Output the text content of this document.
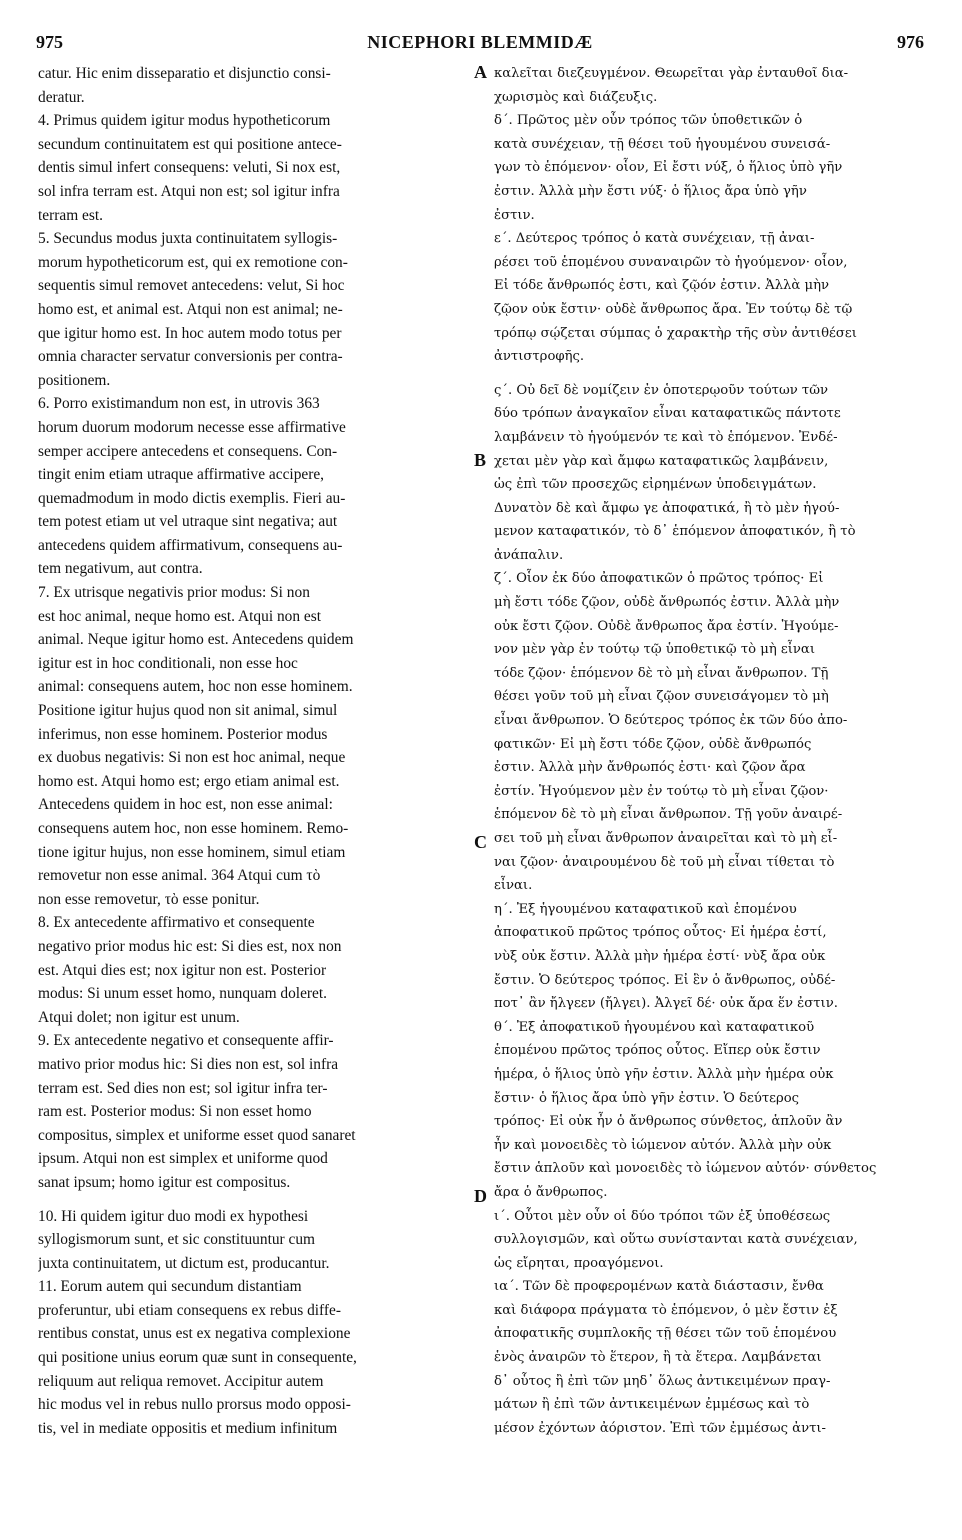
975	NICEPHORI BLEMMIDÆ	976
catur. Hic enim disseparatio et disjunctio consi-
deratur.
4. Primus quidem igitur modus hypotheticorum
secundum continuitatem est qui positione antece-
dentis simul infert consequens: veluti, Si nox est,
sol infra terram est. Atqui non est; sol igitur infra
terram est.
5. Secundus modus juxta continuitatem syllogis-
morum hypotheticorum est, qui ex remotione con-
sequentis simul removet antecedens: velut, Si hoc
homo est, et animal est. Atqui non est animal; ne-
que igitur homo est. In hoc autem modo totus per
omnia character servatur conversionis per contra-
positionem.
6. Porro existimandum non est, in utrovis 363
horum duorum modorum necesse esse affirmative
semper accipere antecedens et consequens. Con-
tingit enim etiam utraque affirmative accipere,
quemadmodum in modo dictis exemplis. Fieri au-
tem potest etiam ut vel utraque sint negativa; aut
antecedens quidem affirmativum, consequens au-
tem negativum, aut contra.
7. Ex utrisque negativis prior modus: Si non
est hoc animal, neque homo est. Atqui non est
animal. Neque igitur homo est. Antecedens quidem
igitur est in hoc conditionali, non esse hoc
animal: consequens autem, hoc non esse hominem.
Positione igitur hujus quod non sit animal, simul
inferimus, non esse hominem. Posterior modus
ex duobus negativis: Si non est hoc animal, neque
homo est. Atqui homo est; ergo etiam animal est.
Antecedens quidem in hoc est, non esse animal:
consequens autem hoc, non esse hominem. Remo-
tione igitur hujus, non esse hominem, simul etiam
removetur non esse animal. 364 Atqui cum τὸ
non esse removetur, τὸ esse ponitur.
8. Ex antecedente affirmativo et consequente
negativo prior modus hic est: Si dies est, nox non
est. Atqui dies est; nox igitur non est. Posterior
modus: Si unum esset homo, nunquam doleret.
Atqui dolet; non igitur est unum.
9. Ex antecedente negativo et consequente affir-
mativo prior modus hic: Si dies non est, sol infra
terram est. Sed dies non est; sol igitur infra ter-
ram est. Posterior modus: Si non esset homo
compositus, simplex et uniforme esset quod sanaret
ipsum. Atqui non est simplex et uniforme quod
sanat ipsum; homo igitur est compositus.
10. Hi quidem igitur duo modi ex hypothesi
syllogismorum sunt, et sic constituuntur cum
juxta continuitatem, ut dictum est, producantur.
11. Eorum autem qui secundum distantiam
proferuntur, ubi etiam consequens ex rebus diffe-
rentibus constat, unus est ex negativa complexione
qui positione unius eorum quæ sunt in consequente,
reliquum aut reliqua removet. Accipitur autem
hic modus vel in rebus nullo prorsus modo opposi-
tis, vel in mediate oppositis et medium infinitum
καλεῖται διεζευγμένον. Θεωρεῖται γὰρ ἐνταυθοῖ δια-
χωρισμὸς καὶ διάζευξις.
δ΄. Πρῶτος μὲν οὖν τρόπος τῶν ὑποθετικῶν ὁ
κατὰ συνέχειαν, τῇ θέσει τοῦ ἡγουμένου συνεισά-
γων τὸ ἑπόμενον· οἷον, Εἰ ἔστι νύξ, ὁ ἥλιος ὑπὸ γῆν
ἐστιν. Ἀλλὰ μὴν ἔστι νύξ· ὁ ἥλιος ἄρα ὑπὸ γῆν
ἐστιν.
ε΄. Δεύτερος τρόπος ὁ κατὰ συνέχειαν, τῇ ἀναι-
ρέσει τοῦ ἑπομένου συναναιρῶν τὸ ἡγούμενον· οἷον,
Εἰ τόδε ἄνθρωπός ἐστι, καὶ ζῷόν ἐστιν. Ἀλλὰ μὴν
ζῷον οὐκ ἔστιν· οὐδὲ ἄνθρωπος ἄρα. Ἐν τούτῳ δὲ τῷ
τρόπῳ σῴζεται σύμπας ὁ χαρακτὴρ τῆς σὺν ἀντιθέσει
ἀντιστροφῆς.
ς΄. Οὐ δεῖ δὲ νομίζειν ἐν ὁποτερῳοῦν τούτων τῶν
δύο τρόπων ἀναγκαῖον εἶναι καταφατικῶς πάντοτε
λαμβάνειν τὸ ἡγούμενόν τε καὶ τὸ ἑπόμενον. Ἐνδέ-
χεται μὲν γὰρ καὶ ἄμφω καταφατικῶς λαμβάνειν,
ὡς ἐπὶ τῶν προσεχῶς εἰρημένων ὑποδειγμάτων.
Δυνατὸν δὲ καὶ ἄμφω γε ἀποφατικά, ἢ τὸ μὲν ἡγού-
μενον καταφατικόν, τὸ δ᾽ ἑπόμενον ἀποφατικόν, ἢ τὸ
ἀνάπαλιν.
ζ΄. Οἷον ἐκ δύο ἀποφατικῶν ὁ πρῶτος τρόπος· Εἰ
μὴ ἔστι τόδε ζῷον, οὐδὲ ἄνθρωπός ἐστιν. Ἀλλὰ μὴν
οὐκ ἔστι ζῷον. Οὐδὲ ἄνθρωπος ἄρα ἐστίν. Ἡγούμε-
νον μὲν γὰρ ἐν τούτῳ τῷ ὑποθετικῷ τὸ μὴ εἶναι
τόδε ζῷον· ἑπόμενον δὲ τὸ μὴ εἶναι ἄνθρωπον. Τῇ
θέσει γοῦν τοῦ μὴ εἶναι ζῷον συνεισάγομεν τὸ μὴ
εἶναι ἄνθρωπον. Ὁ δεύτερος τρόπος ἐκ τῶν δύο ἀπο-
φατικῶν· Εἰ μὴ ἔστι τόδε ζῷον, οὐδὲ ἄνθρωπός
ἐστιν. Ἀλλὰ μὴν ἄνθρωπός ἐστι· καὶ ζῷον ἄρα
ἐστίν. Ἡγούμενον μὲν ἐν τούτῳ τὸ μὴ εἶναι ζῷον·
ἑπόμενον δὲ τὸ μὴ εἶναι ἄνθρωπον. Τῇ γοῦν ἀναιρέ-
σει τοῦ μὴ εἶναι ἄνθρωπον ἀναιρεῖται καὶ τὸ μὴ εἶ-
ναι ζῷον· ἀναιρουμένου δὲ τοῦ μὴ εἶναι τίθεται τὸ
εἶναι.
η΄. Ἐξ ἡγουμένου καταφατικοῦ καὶ ἑπομένου
ἀποφατικοῦ πρῶτος τρόπος οὗτος· Εἰ ἡμέρα ἐστί,
νὺξ οὐκ ἔστιν. Ἀλλὰ μὴν ἡμέρα ἐστί· νὺξ ἄρα οὐκ
ἔστιν. Ὁ δεύτερος τρόπος. Εἰ ἓν ὁ ἄνθρωπος, οὐδέ-
ποτ᾽ ἂν ἤλγεεν (ἤλγει). Ἀλγεῖ δέ· οὐκ ἄρα ἕν ἐστιν.
θ΄. Ἐξ ἀποφατικοῦ ἡγουμένου καὶ καταφατικοῦ
ἑπομένου πρῶτος τρόπος οὗτος. Εἴπερ οὐκ ἔστιν
ἡμέρα, ὁ ἥλιος ὑπὸ γῆν ἐστιν. Ἀλλὰ μὴν ἡμέρα οὐκ
ἔστιν· ὁ ἥλιος ἄρα ὑπὸ γῆν ἐστιν. Ὁ δεύτερος
τρόπος· Εἰ οὐκ ἦν ὁ ἄνθρωπος σύνθετος, ἁπλοῦν ἂν
ἦν καὶ μονοειδὲς τὸ ἰώμενον αὐτόν. Ἀλλὰ μὴν οὐκ
ἔστιν ἁπλοῦν καὶ μονοειδὲς τὸ ἰώμενον αὐτόν· σύνθετος
ἄρα ὁ ἄνθρωπος.
ι΄. Οὗτοι μὲν οὖν οἱ δύο τρόποι τῶν ἐξ ὑποθέσεως
συλλογισμῶν, καὶ οὕτω συνίστανται κατὰ συνέχειαν,
ὡς εἴρηται, προαγόμενοι.
ια΄. Τῶν δὲ προφερομένων κατὰ διάστασιν, ἔνθα
καὶ διάφορα πράγματα τὸ ἑπόμενον, ὁ μὲν ἔστιν ἐξ
ἀποφατικῆς συμπλοκῆς τῇ θέσει τῶν τοῦ ἑπομένου
ἑνὸς ἀναιρῶν τὸ ἕτερον, ἢ τὰ ἕτερα. Λαμβάνεται
δ᾽ οὗτος ἢ ἐπὶ τῶν μηδ᾽ ὅλως ἀντικειμένων πραγ-
μάτων ἢ ἐπὶ τῶν ἀντικειμένων ἐμμέσως καὶ τὸ
μέσον ἐχόντων ἀόριστον. Ἐπὶ τῶν ἐμμέσως ἀντι-
A
B
C
D
